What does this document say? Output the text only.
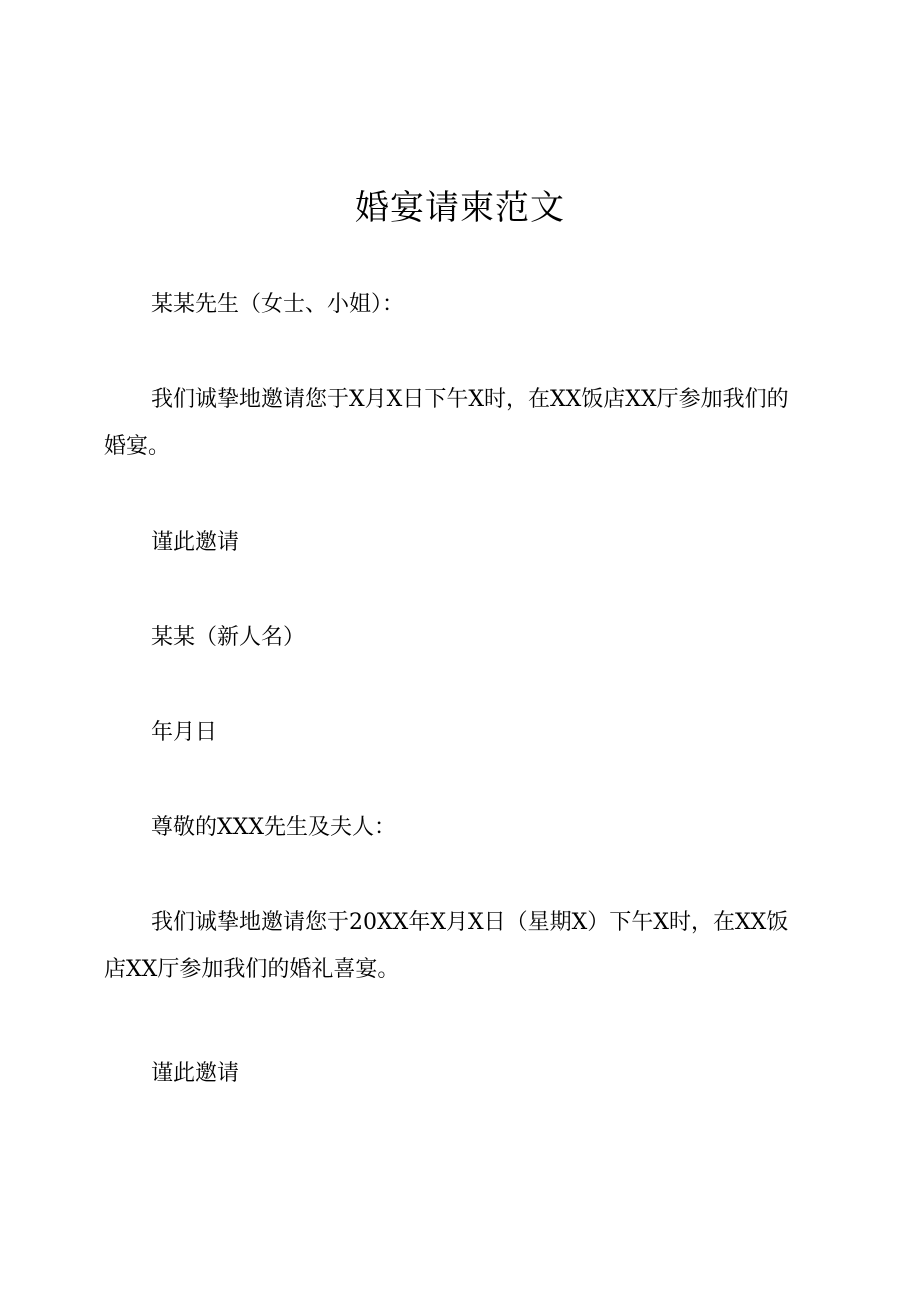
婚宴请柬范文
某某先生（女士、小姐）：
我们诚挚地邀请您于X月X日下午X时，在XX饭店XX厅参加我们的婚宴。
谨此邀请
某某（新人名）
年月日
尊敬的XXX先生及夫人：
我们诚挚地邀请您于20XX年X月X日（星期X）下午X时，在XX饭店XX厅参加我们的婚礼喜宴。
谨此邀请
